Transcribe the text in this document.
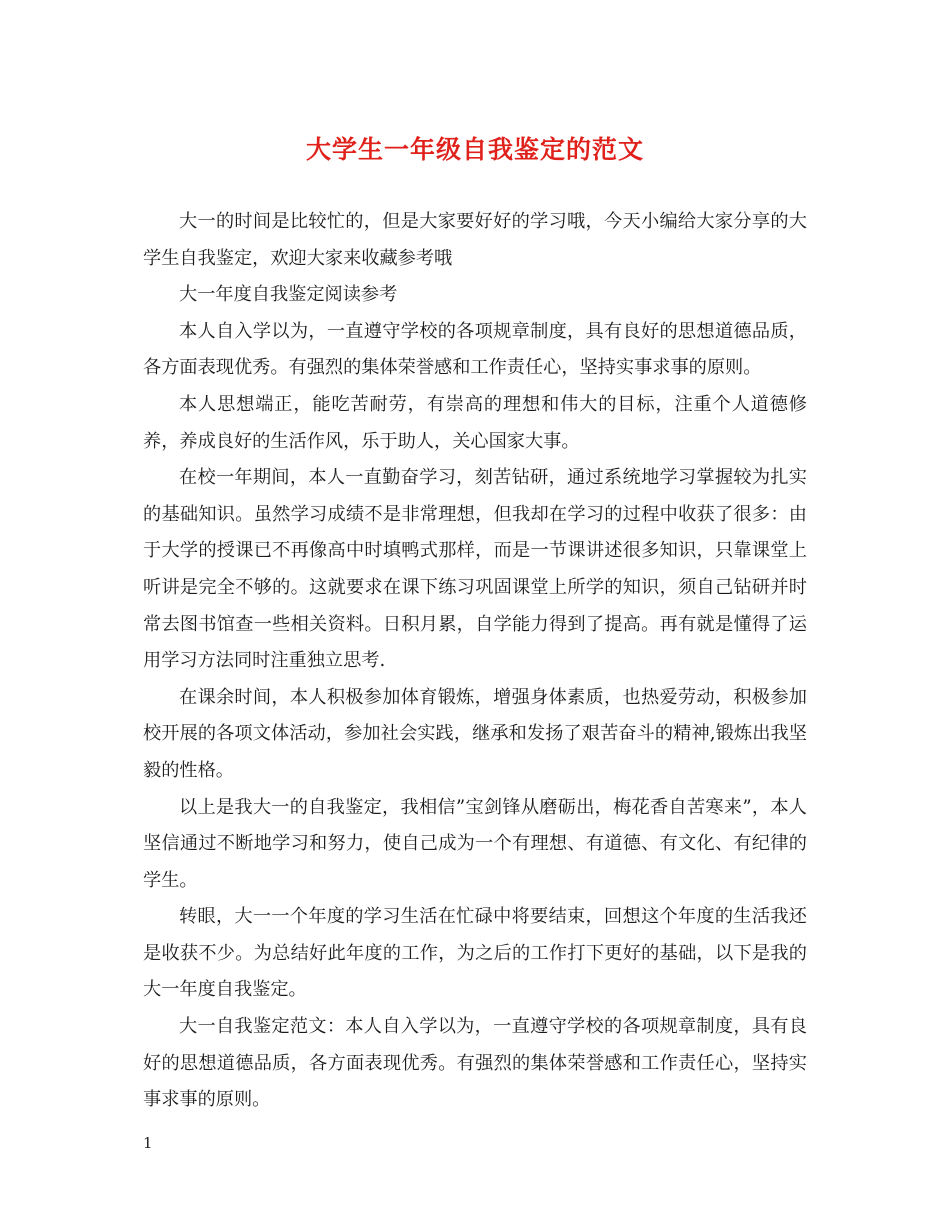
大学生一年级自我鉴定的范文

大一的时间是比较忙的，但是大家要好好的学习哦，今天小编给大家分享的大学生自我鉴定，欢迎大家来收藏参考哦

大一年度自我鉴定阅读参考

本人自入学以为，一直遵守学校的各项规章制度，具有良好的思想道德品质，各方面表现优秀。有强烈的集体荣誉感和工作责任心，坚持实事求事的原则。

本人思想端正，能吃苦耐劳，有崇高的理想和伟大的目标，注重个人道德修养，养成良好的生活作风，乐于助人，关心国家大事。

在校一年期间，本人一直勤奋学习，刻苦钻研，通过系统地学习掌握较为扎实的基础知识。虽然学习成绩不是非常理想，但我却在学习的过程中收获了很多：由于大学的授课已不再像高中时填鸭式那样，而是一节课讲述很多知识，只靠课堂上听讲是完全不够的。这就要求在课下练习巩固课堂上所学的知识，须自己钻研并时常去图书馆查一些相关资料。日积月累，自学能力得到了提高。再有就是懂得了运用学习方法同时注重独立思考.

在课余时间，本人积极参加体育锻炼，增强身体素质，也热爱劳动，积极参加校开展的各项文体活动，参加社会实践，继承和发扬了艰苦奋斗的精神,锻炼出我坚毅的性格。

以上是我大一的自我鉴定，我相信”宝剑锋从磨砺出，梅花香自苦寒来”，本人坚信通过不断地学习和努力，使自己成为一个有理想、有道德、有文化、有纪律的学生。

转眼，大一一个年度的学习生活在忙碌中将要结束，回想这个年度的生活我还是收获不少。为总结好此年度的工作，为之后的工作打下更好的基础，以下是我的大一年度自我鉴定。

大一自我鉴定范文：本人自入学以为，一直遵守学校的各项规章制度，具有良好的思想道德品质，各方面表现优秀。有强烈的集体荣誉感和工作责任心，坚持实事求事的原则。

1
